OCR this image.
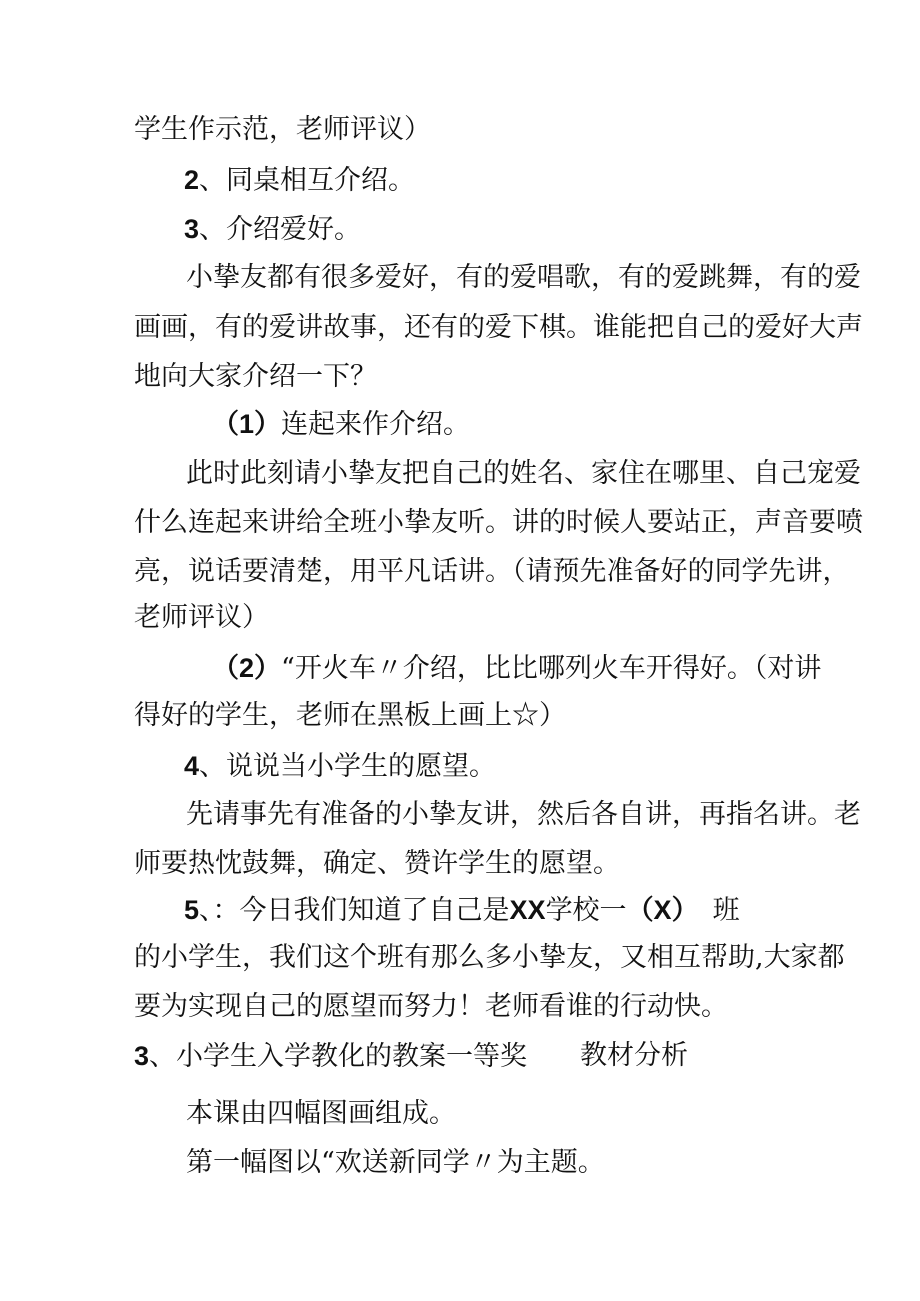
学生作示范，老师评议）
2、同桌相互介绍。
3、介绍爱好。
小挚友都有很多爱好，有的爱唱歌，有的爱跳舞，有的爱
画画，有的爱讲故事，还有的爱下棋。谁能把自己的爱好大声
地向大家介绍一下？
（1）连起来作介绍。
此时此刻请小挚友把自己的姓名、家住在哪里、自己宠爱
什么连起来讲给全班小挚友听。讲的时候人要站正，声音要喷
亮，说话要清楚，用平凡话讲。（请预先准备好的同学先讲，
老师评议）
（2）“开火车〃介绍，比比哪列火车开得好。（对讲
得好的学生，老师在黑板上画上☆）
4、说说当小学生的愿望。
先请事先有准备的小挚友讲，然后各自讲，再指名讲。老
师要热忱鼓舞，确定、赞许学生的愿望。
5、：今日我们知道了自己是XX学校一（X） 班
的小学生，我们这个班有那么多小挚友，又相互帮助,大家都
要为实现自己的愿望而努力！老师看谁的行动快。
3、小学生入学教化的教案一等奖 教材分析
本课由四幅图画组成。
第一幅图以“欢送新同学〃为主题。
